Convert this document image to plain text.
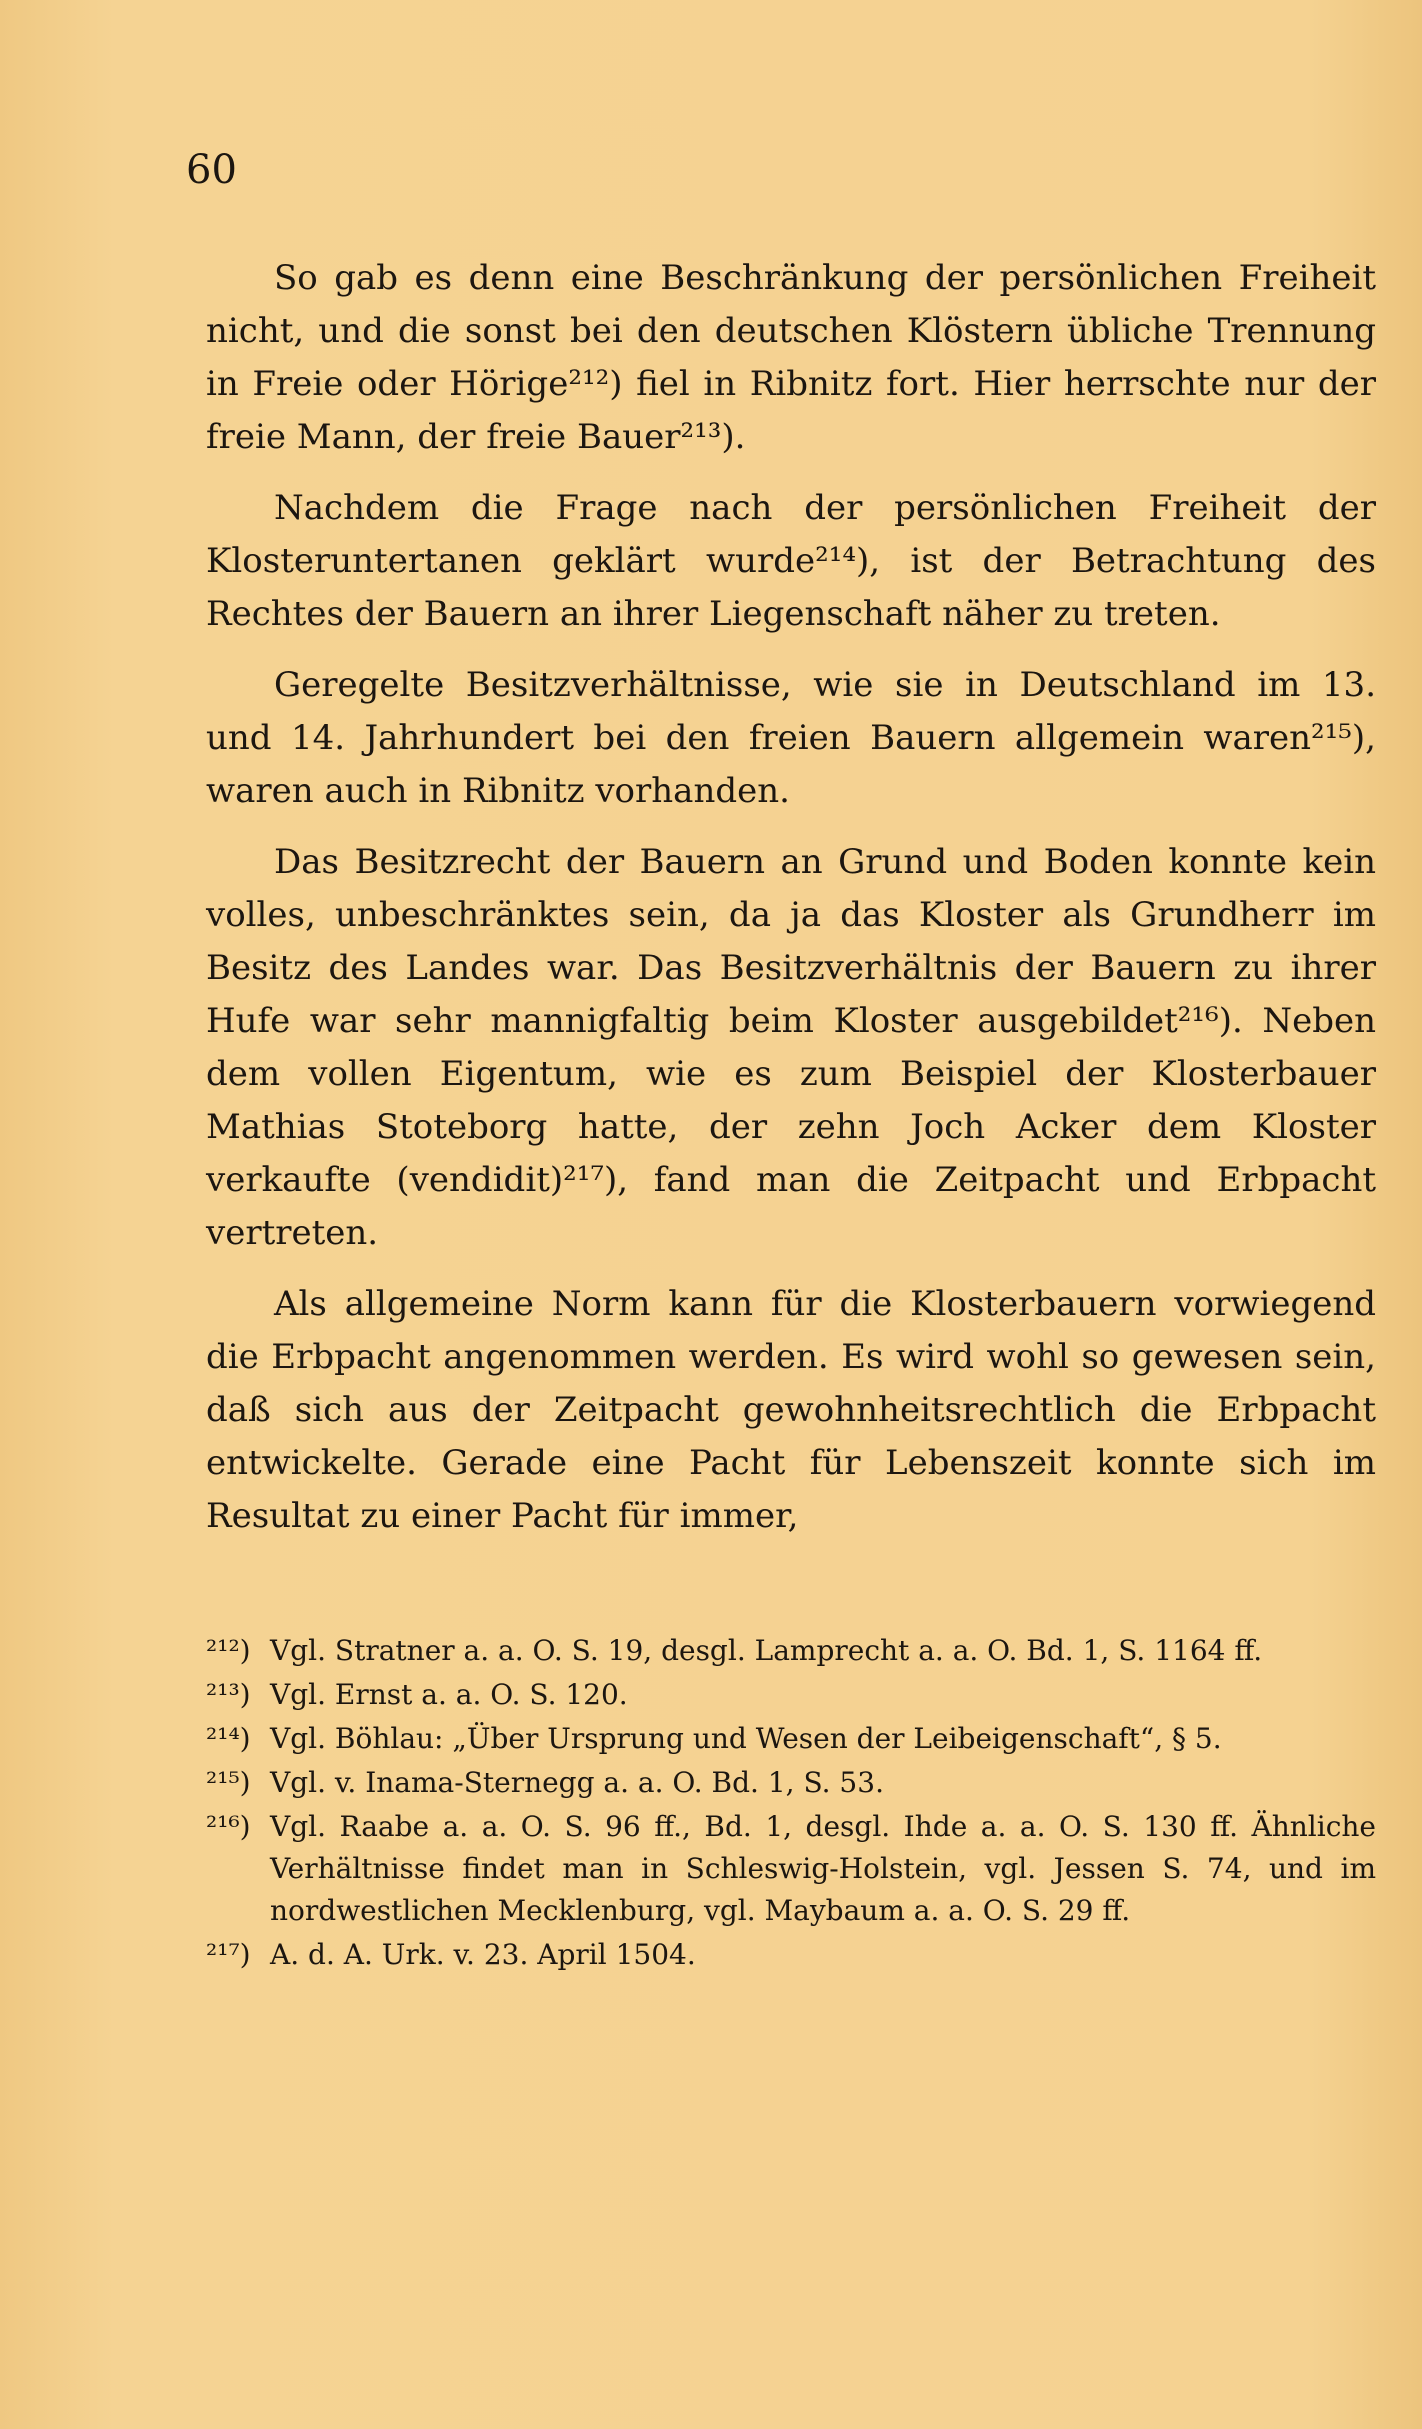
60

So gab es denn eine Beschränkung der persönlichen Freiheit nicht, und die sonst bei den deutschen Klöstern übliche Trennung in Freie oder Hörige²¹²) fiel in Ribnitz fort. Hier herrschte nur der freie Mann, der freie Bauer²¹³).

Nachdem die Frage nach der persönlichen Freiheit der Klosteruntertanen geklärt wurde²¹⁴), ist der Betrachtung des Rechtes der Bauern an ihrer Liegenschaft näher zu treten.

Geregelte Besitzverhältnisse, wie sie in Deutschland im 13. und 14. Jahrhundert bei den freien Bauern allgemein waren²¹⁵), waren auch in Ribnitz vorhanden.

Das Besitzrecht der Bauern an Grund und Boden konnte kein volles, unbeschränktes sein, da ja das Kloster als Grundherr im Besitz des Landes war. Das Besitzverhältnis der Bauern zu ihrer Hufe war sehr mannigfaltig beim Kloster ausgebildet²¹⁶). Neben dem vollen Eigentum, wie es zum Beispiel der Klosterbauer Mathias Stoteborg hatte, der zehn Joch Acker dem Kloster verkaufte (vendidit)²¹⁷), fand man die Zeitpacht und Erbpacht vertreten.

Als allgemeine Norm kann für die Klosterbauern vorwiegend die Erbpacht angenommen werden. Es wird wohl so gewesen sein, daß sich aus der Zeitpacht gewohnheitsrechtlich die Erbpacht entwickelte. Gerade eine Pacht für Lebenszeit konnte sich im Resultat zu einer Pacht für immer,

²¹²) Vgl. Stratner a. a. O. S. 19, desgl. Lamprecht a. a. O. Bd. 1, S. 1164 ff.
²¹³) Vgl. Ernst a. a. O. S. 120.
²¹⁴) Vgl. Böhlau: „Über Ursprung und Wesen der Leibeigenschaft“, § 5.
²¹⁵) Vgl. v. Inama-Sternegg a. a. O. Bd. 1, S. 53.
²¹⁶) Vgl. Raabe a. a. O. S. 96 ff., Bd. 1, desgl. Ihde a. a. O. S. 130 ff. Ähnliche Verhältnisse findet man in Schleswig-Holstein, vgl. Jessen S. 74, und im nordwestlichen Mecklenburg, vgl. Maybaum a. a. O. S. 29 ff.
²¹⁷) A. d. A. Urk. v. 23. April 1504.
